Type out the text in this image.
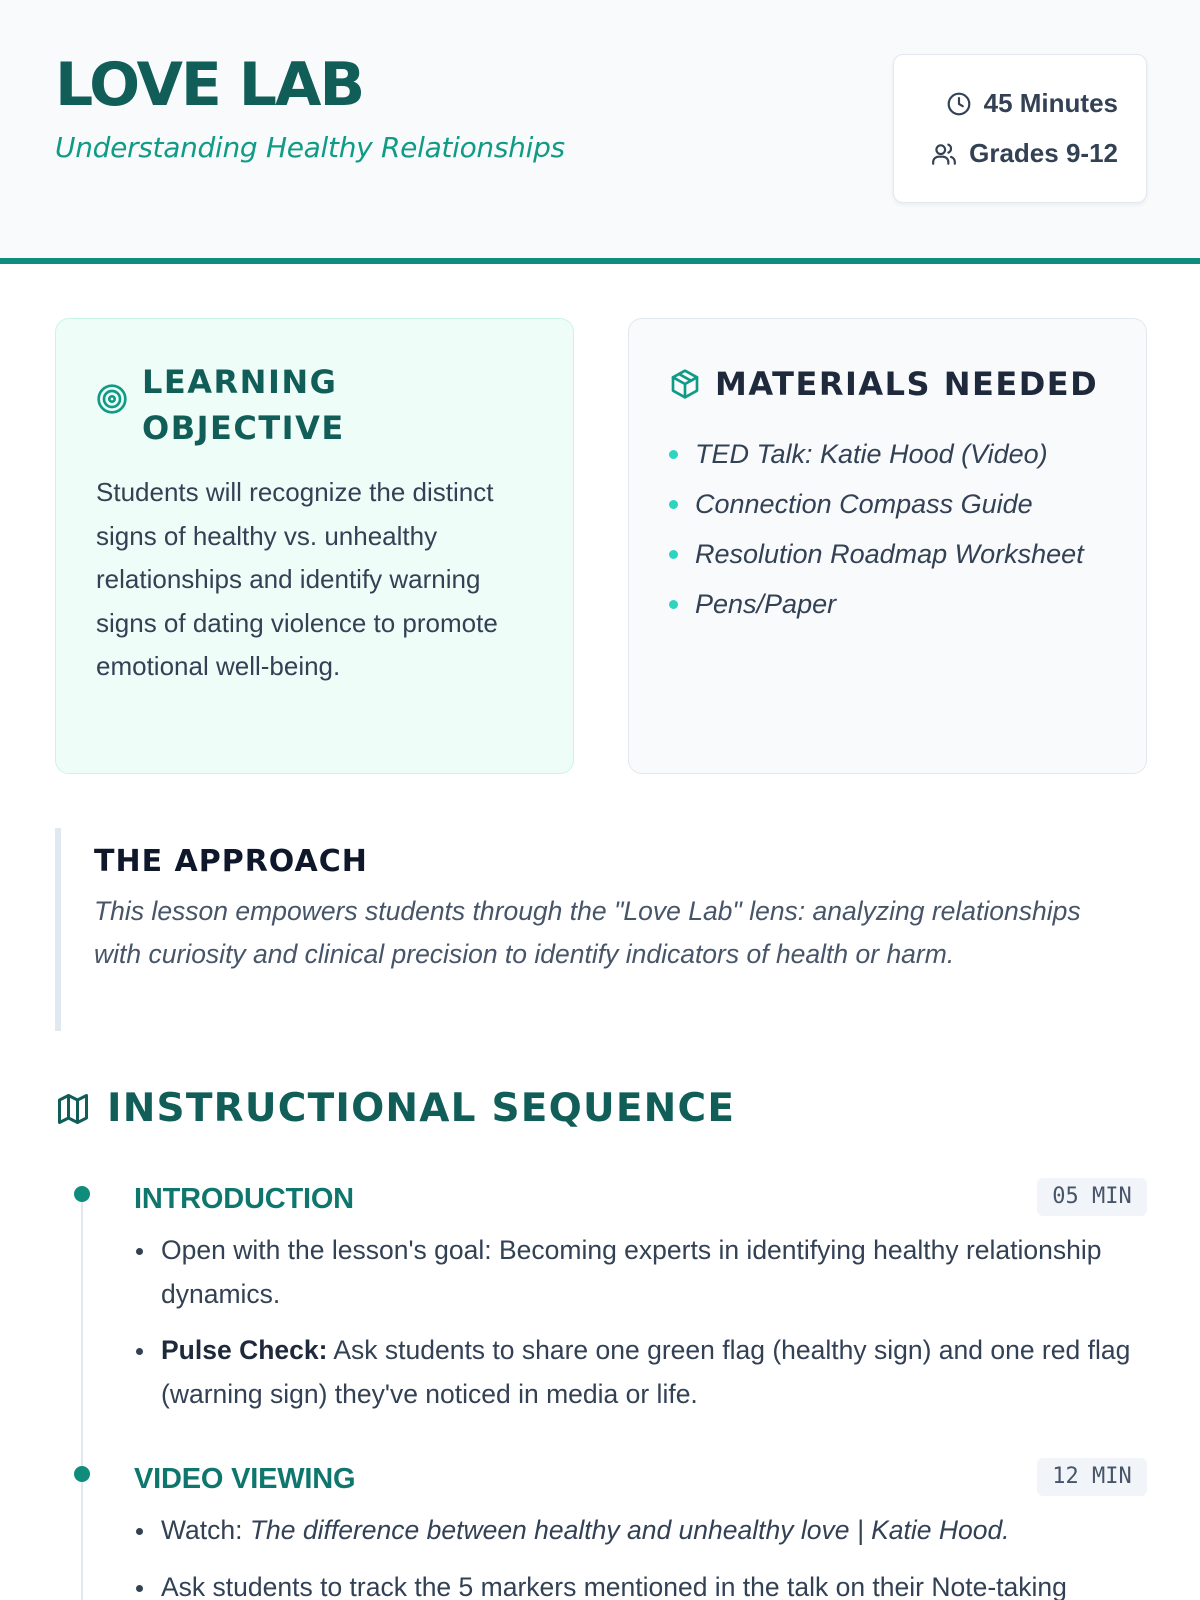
LOVE LAB
Understanding Healthy Relationships
45 Minutes
Grades 9-12
LEARNING OBJECTIVE

Students will recognize the distinct signs of healthy vs. unhealthy relationships and identify warning signs of dating violence to promote emotional well-being.

MATERIALS NEEDED
TED Talk: Katie Hood (Video)
Connection Compass Guide
Resolution Roadmap Worksheet
Pens/Paper
THE APPROACH

This lesson empowers students through the "Love Lab" lens: analyzing relationships with curiosity and clinical precision to identify indicators of health or harm.

INSTRUCTIONAL SEQUENCE
INTRODUCTION	05 MIN
Open with the lesson's goal: Becoming experts in identifying healthy relationship dynamics.
Pulse Check: Ask students to share one green flag (healthy sign) and one red flag (warning sign) they've noticed in media or life.
VIDEO VIEWING	12 MIN
Watch: The difference between healthy and unhealthy love | Katie Hood.
Ask students to track the 5 markers mentioned in the talk on their Note-taking
